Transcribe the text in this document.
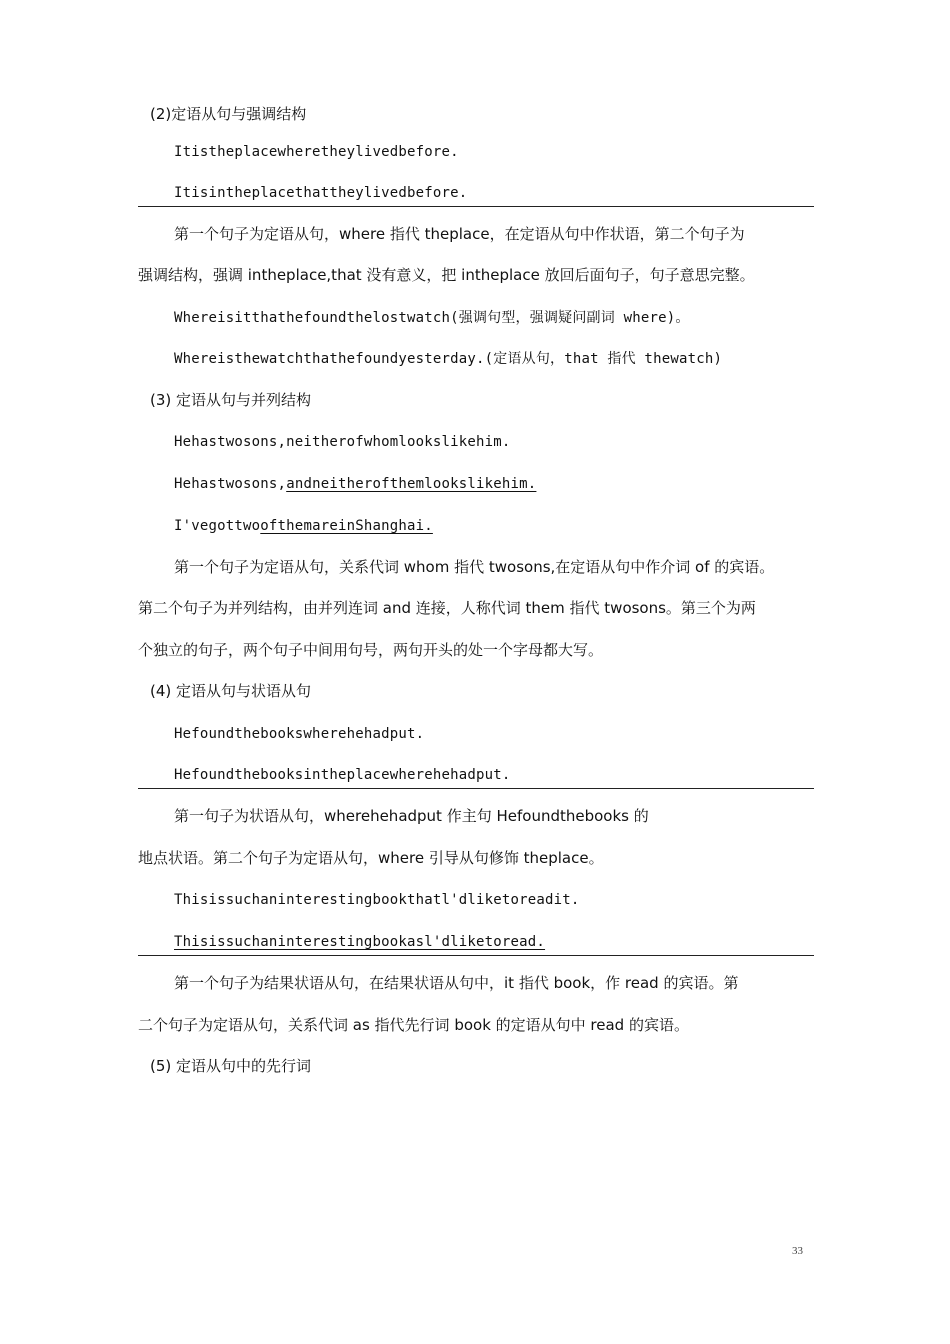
(2)定语从句与强调结构
Itistheplacewheretheylivedbefore.
Itisintheplacethattheylivedbefore.
第一个句子为定语从句，where 指代 theplace，在定语从句中作状语，第二个句子为
强调结构，强调 intheplace,that 没有意义，把 intheplace 放回后面句子，句子意思完整。
Whereisitthathefoundthelostwatch(强调句型，强调疑问副词 where)。
Whereisthewatchthathefoundyesterday.(定语从句，that 指代 thewatch)
(3) 定语从句与并列结构
Hehastwosons,neitherofwhomlookslikehim.
Hehastwosons,andneitherofthemlookslikehim.
I'vegottwoofthemareinShanghai.
第一个句子为定语从句，关系代词 whom 指代 twosons,在定语从句中作介词 of 的宾语。
第二个句子为并列结构，由并列连词 and 连接，人称代词 them 指代 twosons。第三个为两
个独立的句子，两个句子中间用句号，两句开头的处一个字母都大写。
(4) 定语从句与状语从句
Hefoundthebookswherehehadput.
Hefoundthebooksintheplacewherehehadput.
第一句子为状语从句，wherehehadput 作主句 Hefoundthebooks 的
地点状语。第二个句子为定语从句，where 引导从句修饰 theplace。
Thisissuchaninterestingbookthatl'dliketoreadit.
Thisissuchaninterestingbookasl'dliketoread.
第一个句子为结果状语从句，在结果状语从句中，it 指代 book，作 read 的宾语。第
二个句子为定语从句，关系代词 as 指代先行词 book 的定语从句中 read 的宾语。
(5) 定语从句中的先行词
33
